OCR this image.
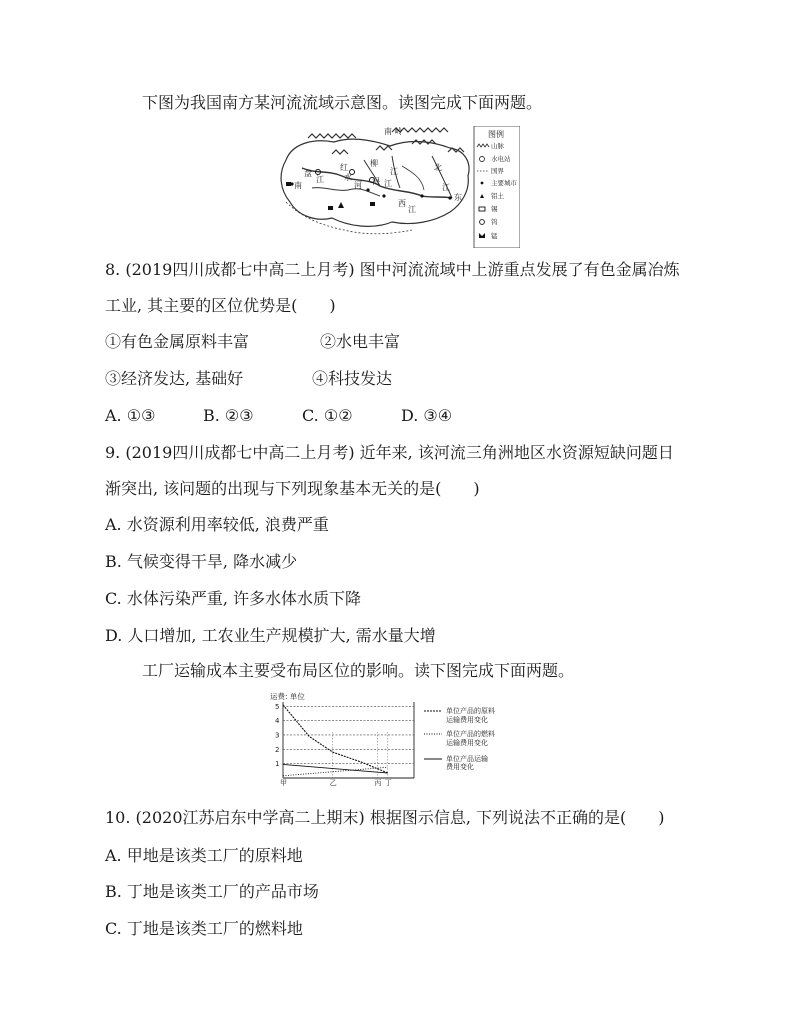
下图为我国南方某河流流域示意图。读图完成下面两题。
南 岭
南
盘
江
红
水
河
柳
江
浔 江
西
江
北
江
东
图例
山脉
水电站
国界
主要城市
铝土
锡
钨
锰
8. (2019四川成都七中高二上月考) 图中河流流域中上游重点发展了有色金属冶炼
工业, 其主要的区位优势是(　　)
①有色金属原料丰富	②水电丰富
③经济发达, 基础好	④科技发达
A. ①③	B. ②③	C. ①②	D. ③④
9. (2019四川成都七中高二上月考) 近年来, 该河流三角洲地区水资源短缺问题日
渐突出, 该问题的出现与下列现象基本无关的是(　　)
A. 水资源利用率较低, 浪费严重
B. 气候变得干旱, 降水减少
C. 水体污染严重, 许多水体水质下降
D. 人口增加, 工农业生产规模扩大, 需水量大增
工厂运输成本主要受布局区位的影响。读下图完成下面两题。
运费: 单位
1
2
3
4
5
甲	乙	丙 丁
单位产品的原料
运输费用变化
单位产品的燃料
运输费用变化
单位产品运输
费用变化
10. (2020江苏启东中学高二上期末) 根据图示信息, 下列说法不正确的是(　　)
A. 甲地是该类工厂的原料地
B. 丁地是该类工厂的产品市场
C. 丁地是该类工厂的燃料地
